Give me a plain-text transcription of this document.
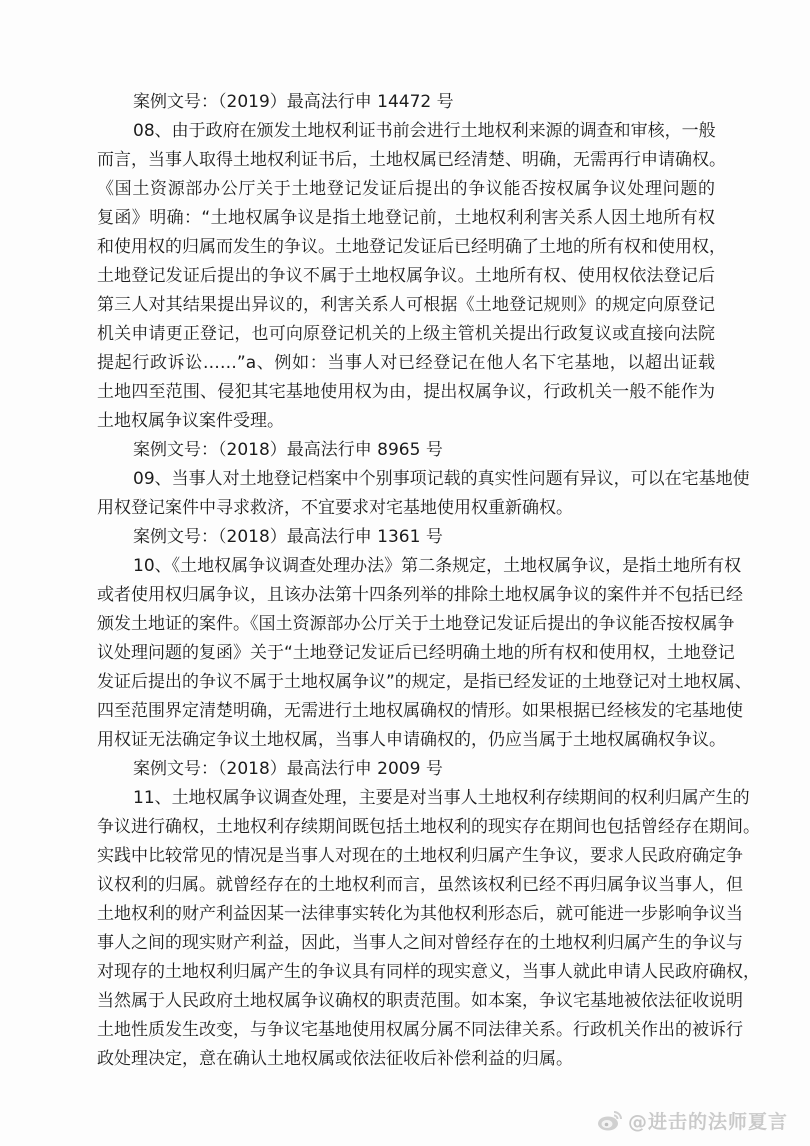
案例文号：（2019）最高法行申 14472 号
08、由于政府在颁发土地权利证书前会进行土地权利来源的调查和审核，一般
而言，当事人取得土地权利证书后，土地权属已经清楚、明确，无需再行申请确权。
《国土资源部办公厅关于土地登记发证后提出的争议能否按权属争议处理问题的
复函》明确：“土地权属争议是指土地登记前，土地权利利害关系人因土地所有权
和使用权的归属而发生的争议。土地登记发证后已经明确了土地的所有权和使用权，
土地登记发证后提出的争议不属于土地权属争议。土地所有权、使用权依法登记后
第三人对其结果提出异议的，利害关系人可根据《土地登记规则》的规定向原登记
机关申请更正登记，也可向原登记机关的上级主管机关提出行政复议或直接向法院
提起行政诉讼……”a、例如：当事人对已经登记在他人名下宅基地，以超出证载
土地四至范围、侵犯其宅基地使用权为由，提出权属争议，行政机关一般不能作为
土地权属争议案件受理。
案例文号：（2018）最高法行申 8965 号
09、当事人对土地登记档案中个别事项记载的真实性问题有异议，可以在宅基地使
用权登记案件中寻求救济，不宜要求对宅基地使用权重新确权。
案例文号：（2018）最高法行申 1361 号
10、《土地权属争议调查处理办法》第二条规定，土地权属争议，是指土地所有权
或者使用权归属争议，且该办法第十四条列举的排除土地权属争议的案件并不包括已经
颁发土地证的案件。《国土资源部办公厅关于土地登记发证后提出的争议能否按权属争
议处理问题的复函》关于“土地登记发证后已经明确土地的所有权和使用权，土地登记
发证后提出的争议不属于土地权属争议”的规定，是指已经发证的土地登记对土地权属、
四至范围界定清楚明确，无需进行土地权属确权的情形。如果根据已经核发的宅基地使
用权证无法确定争议土地权属，当事人申请确权的，仍应当属于土地权属确权争议。
案例文号：（2018）最高法行申 2009 号
11、土地权属争议调查处理，主要是对当事人土地权利存续期间的权利归属产生的
争议进行确权，土地权利存续期间既包括土地权利的现实存在期间也包括曾经存在期间。
实践中比较常见的情况是当事人对现在的土地权利归属产生争议，要求人民政府确定争
议权利的归属。就曾经存在的土地权利而言，虽然该权利已经不再归属争议当事人，但
土地权利的财产利益因某一法律事实转化为其他权利形态后，就可能进一步影响争议当
事人之间的现实财产利益，因此，当事人之间对曾经存在的土地权利归属产生的争议与
对现存的土地权利归属产生的争议具有同样的现实意义，当事人就此申请人民政府确权，
当然属于人民政府土地权属争议确权的职责范围。如本案，争议宅基地被依法征收说明
土地性质发生改变，与争议宅基地使用权属分属不同法律关系。行政机关作出的被诉行
政处理决定，意在确认土地权属或依法征收后补偿利益的归属。
@进击的法师夏言
